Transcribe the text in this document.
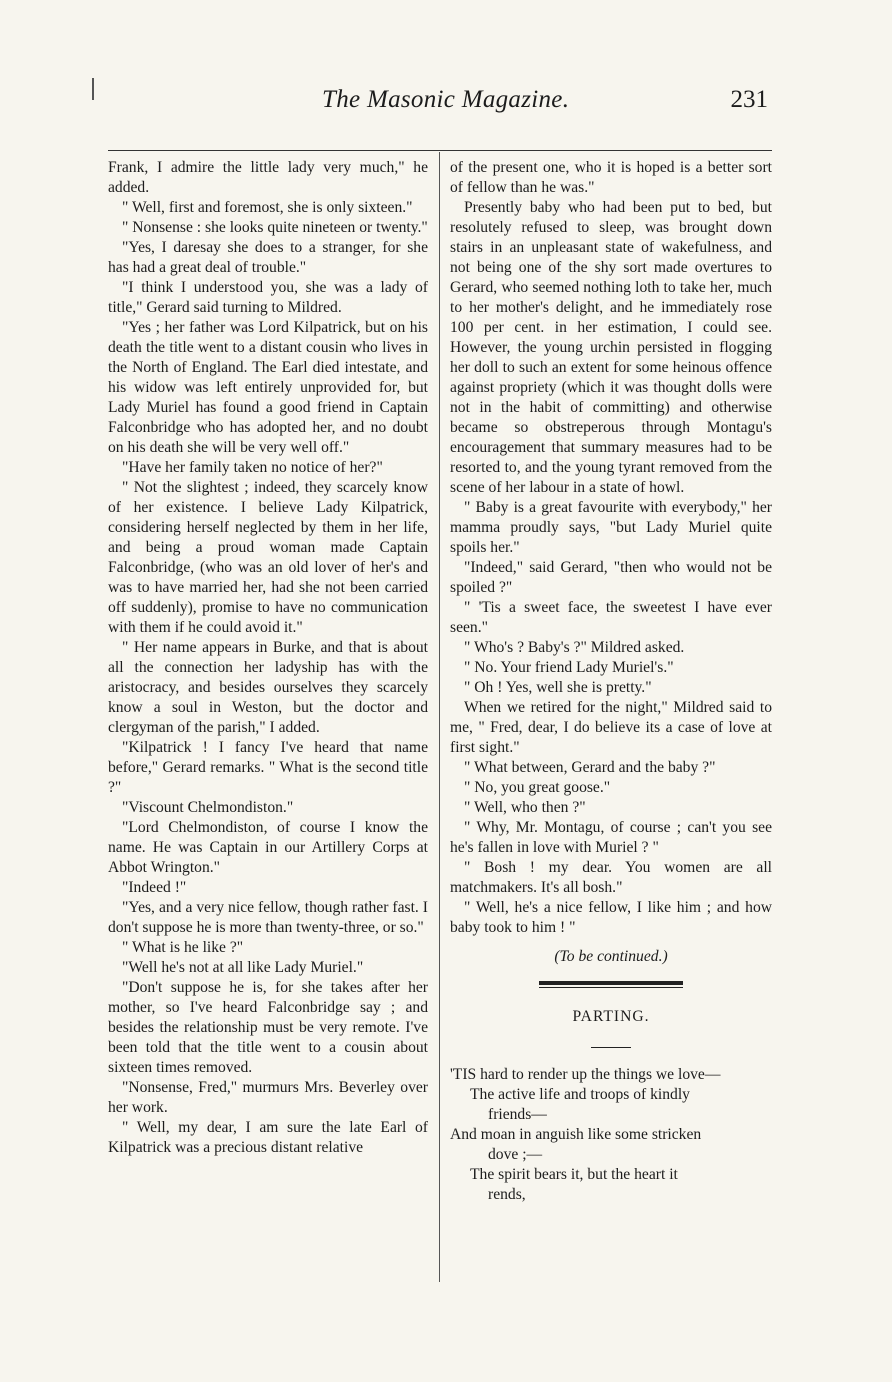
The Masonic Magazine.	231

Frank, I admire the little lady very much," he added.

" Well, first and foremost, she is only sixteen."

" Nonsense : she looks quite nineteen or twenty."

"Yes, I daresay she does to a stranger, for she has had a great deal of trouble."

"I think I understood you, she was a lady of title," Gerard said turning to Mildred.

"Yes ; her father was Lord Kilpatrick, but on his death the title went to a distant cousin who lives in the North of England. The Earl died intestate, and his widow was left entirely unprovided for, but Lady Muriel has found a good friend in Captain Falconbridge who has adopted her, and no doubt on his death she will be very well off."

"Have her family taken no notice of her?"

" Not the slightest ; indeed, they scarcely know of her existence. I believe Lady Kilpatrick, considering herself neglected by them in her life, and being a proud woman made Captain Falconbridge, (who was an old lover of her's and was to have married her, had she not been carried off suddenly), promise to have no communication with them if he could avoid it."

" Her name appears in Burke, and that is about all the connection her ladyship has with the aristocracy, and besides ourselves they scarcely know a soul in Weston, but the doctor and clergyman of the parish," I added.

"Kilpatrick ! I fancy I've heard that name before," Gerard remarks. " What is the second title ?"

"Viscount Chelmondiston."

"Lord Chelmondiston, of course I know the name. He was Captain in our Artillery Corps at Abbot Wrington."

"Indeed !"

"Yes, and a very nice fellow, though rather fast. I don't suppose he is more than twenty-three, or so."

" What is he like ?"

"Well he's not at all like Lady Muriel."

"Don't suppose he is, for she takes after her mother, so I've heard Falconbridge say ; and besides the relationship must be very remote. I've been told that the title went to a cousin about sixteen times removed.

"Nonsense, Fred," murmurs Mrs. Beverley over her work.

" Well, my dear, I am sure the late Earl of Kilpatrick was a precious distant relative

of the present one, who it is hoped is a better sort of fellow than he was."

Presently baby who had been put to bed, but resolutely refused to sleep, was brought down stairs in an unpleasant state of wakefulness, and not being one of the shy sort made overtures to Gerard, who seemed nothing loth to take her, much to her mother's delight, and he immediately rose 100 per cent. in her estimation, I could see. However, the young urchin persisted in flogging her doll to such an extent for some heinous offence against propriety (which it was thought dolls were not in the habit of committing) and otherwise became so obstreperous through Montagu's encouragement that summary measures had to be resorted to, and the young tyrant removed from the scene of her labour in a state of howl.

" Baby is a great favourite with everybody," her mamma proudly says, "but Lady Muriel quite spoils her."

"Indeed," said Gerard, "then who would not be spoiled ?"

" 'Tis a sweet face, the sweetest I have ever seen."

" Who's ? Baby's ?" Mildred asked.

" No. Your friend Lady Muriel's."

" Oh ! Yes, well she is pretty."

When we retired for the night," Mildred said to me, " Fred, dear, I do believe its a case of love at first sight."

" What between, Gerard and the baby ?"

" No, you great goose."

" Well, who then ?"

" Why, Mr. Montagu, of course ; can't you see he's fallen in love with Muriel ? "

" Bosh ! my dear. You women are all matchmakers. It's all bosh."

" Well, he's a nice fellow, I like him ; and how baby took to him ! "

(To be continued.)

PARTING.

'TIS hard to render up the things we love—

The active life and troops of kindly

friends—

And moan in anguish like some stricken

dove ;—

The spirit bears it, but the heart it

rends,
